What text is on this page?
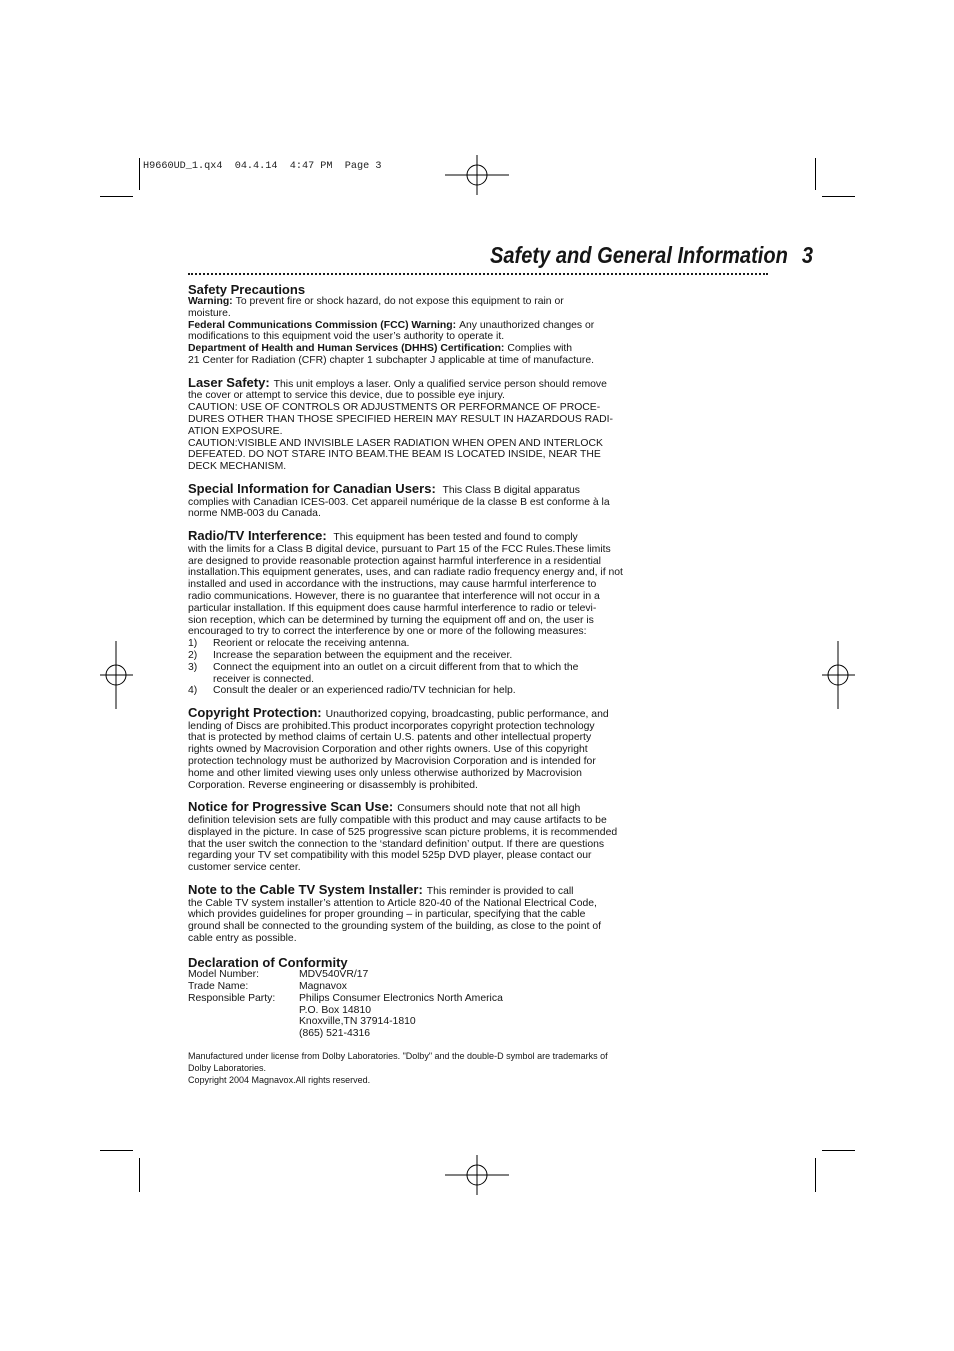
H9660UD_1.qx4  04.4.14  4:47 PM  Page 3
Safety and General Information 3
Safety Precautions
Warning: To prevent fire or shock hazard, do not expose this equipment to rain or
moisture.
Federal Communications Commission (FCC) Warning: Any unauthorized changes or
modifications to this equipment void the user’s authority to operate it.
Department of Health and Human Services (DHHS) Certification: Complies with
21 Center for Radiation (CFR) chapter 1 subchapter J applicable at time of manufacture.
Laser Safety: This unit employs a laser. Only a qualified service person should remove
the cover or attempt to service this device, due to possible eye injury.
CAUTION: USE OF CONTROLS OR ADJUSTMENTS OR PERFORMANCE OF PROCE-
DURES OTHER THAN THOSE SPECIFIED HEREIN MAY RESULT IN HAZARDOUS RADI-
ATION EXPOSURE.
CAUTION:VISIBLE AND INVISIBLE LASER RADIATION WHEN OPEN AND INTERLOCK
DEFEATED. DO NOT STARE INTO BEAM.THE BEAM IS LOCATED INSIDE, NEAR THE
DECK MECHANISM.
Special Information for Canadian Users: This Class B digital apparatus
complies with Canadian ICES-003. Cet appareil numérique de la classe B est conforme à la
norme NMB-003 du Canada.
Radio/TV Interference: This equipment has been tested and found to comply
with the limits for a Class B digital device, pursuant to Part 15 of the FCC Rules.These limits
are designed to provide reasonable protection against harmful interference in a residential
installation.This equipment generates, uses, and can radiate radio frequency energy and, if not
installed and used in accordance with the instructions, may cause harmful interference to
radio communications. However, there is no guarantee that interference will not occur in a
particular installation. If this equipment does cause harmful interference to radio or televi-
sion reception, which can be determined by turning the equipment off and on, the user is
encouraged to try to correct the interference by one or more of the following measures:
1)	Reorient or relocate the receiving antenna.
2)	Increase the separation between the equipment and the receiver.
3)	Connect the equipment into an outlet on a circuit different from that to which the
receiver is connected.
4)	Consult the dealer or an experienced radio/TV technician for help.
Copyright Protection: Unauthorized copying, broadcasting, public performance, and
lending of Discs are prohibited.This product incorporates copyright protection technology
that is protected by method claims of certain U.S. patents and other intellectual property
rights owned by Macrovision Corporation and other rights owners. Use of this copyright
protection technology must be authorized by Macrovision Corporation and is intended for
home and other limited viewing uses only unless otherwise authorized by Macrovision
Corporation. Reverse engineering or disassembly is prohibited.
Notice for Progressive Scan Use: Consumers should note that not all high
definition television sets are fully compatible with this product and may cause artifacts to be
displayed in the picture. In case of 525 progressive scan picture problems, it is recommended
that the user switch the connection to the ‘standard definition’ output. If there are questions
regarding your TV set compatibility with this model 525p DVD player, please contact our
customer service center.
Note to the Cable TV System Installer: This reminder is provided to call
the Cable TV system installer’s attention to Article 820-40 of the National Electrical Code,
which provides guidelines for proper grounding – in particular, specifying that the cable
ground shall be connected to the grounding system of the building, as close to the point of
cable entry as possible.
Declaration of Conformity
Model Number:	MDV540VR/17
Trade Name:	Magnavox
Responsible Party:	Philips Consumer Electronics North America
P.O. Box 14810
Knoxville,TN 37914-1810
(865) 521-4316
Manufactured under license from Dolby Laboratories. "Dolby" and the double-D symbol are trademarks of
Dolby Laboratories.
Copyright 2004 Magnavox.All rights reserved.
